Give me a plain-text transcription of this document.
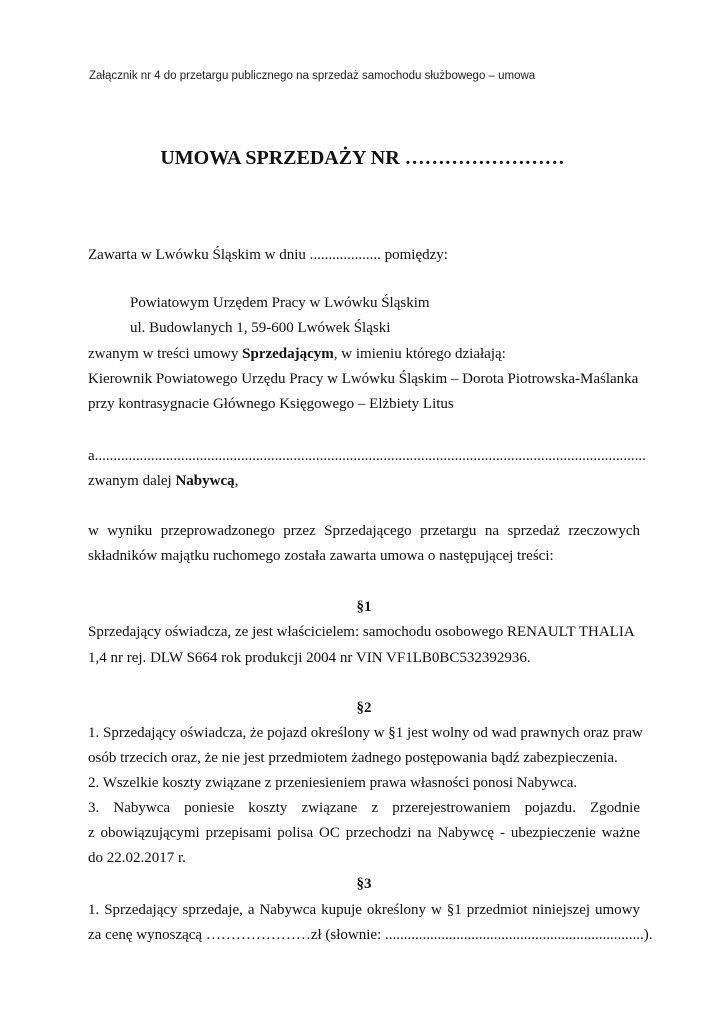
Załącznik nr 4 do przetargu publicznego na sprzedaż samochodu służbowego – umowa
UMOWA SPRZEDAŻY NR ……………………
Zawarta w Lwówku Śląskim w dniu ................... pomiędzy:
Powiatowym Urzędem Pracy w Lwówku Śląskim
ul. Budowlanych 1, 59-600 Lwówek Śląski
zwanym w treści umowy Sprzedającym, w imieniu którego działają:
Kierownik Powiatowego Urzędu Pracy w Lwówku Śląskim – Dorota Piotrowska-Maślanka
przy kontrasygnacie Głównego Księgowego – Elżbiety Litus
a...................................................................................................................................................
zwanym dalej Nabywcą,
w wyniku przeprowadzonego przez Sprzedającego przetargu na sprzedaż rzeczowych
składników majątku ruchomego została zawarta umowa o następującej treści:
§1
Sprzedający oświadcza, ze jest właścicielem: samochodu osobowego RENAULT THALIA
1,4 nr rej. DLW S664 rok produkcji 2004 nr VIN VF1LB0BC532392936.
§2
1. Sprzedający oświadcza, że pojazd określony w §1 jest wolny od wad prawnych oraz praw
osób trzecich oraz, że nie jest przedmiotem żadnego postępowania bądź zabezpieczenia.
2. Wszelkie koszty związane z przeniesieniem prawa własności ponosi Nabywca.
3. Nabywca poniesie koszty związane z przerejestrowaniem pojazdu. Zgodnie
z obowiązującymi przepisami polisa OC przechodzi na Nabywcę - ubezpieczenie ważne
do 22.02.2017 r.
§3
1. Sprzedający sprzedaje, a Nabywca kupuje określony w §1 przedmiot niniejszej umowy
za cenę wynoszącą …………………zł (słownie: .....................................................................).
